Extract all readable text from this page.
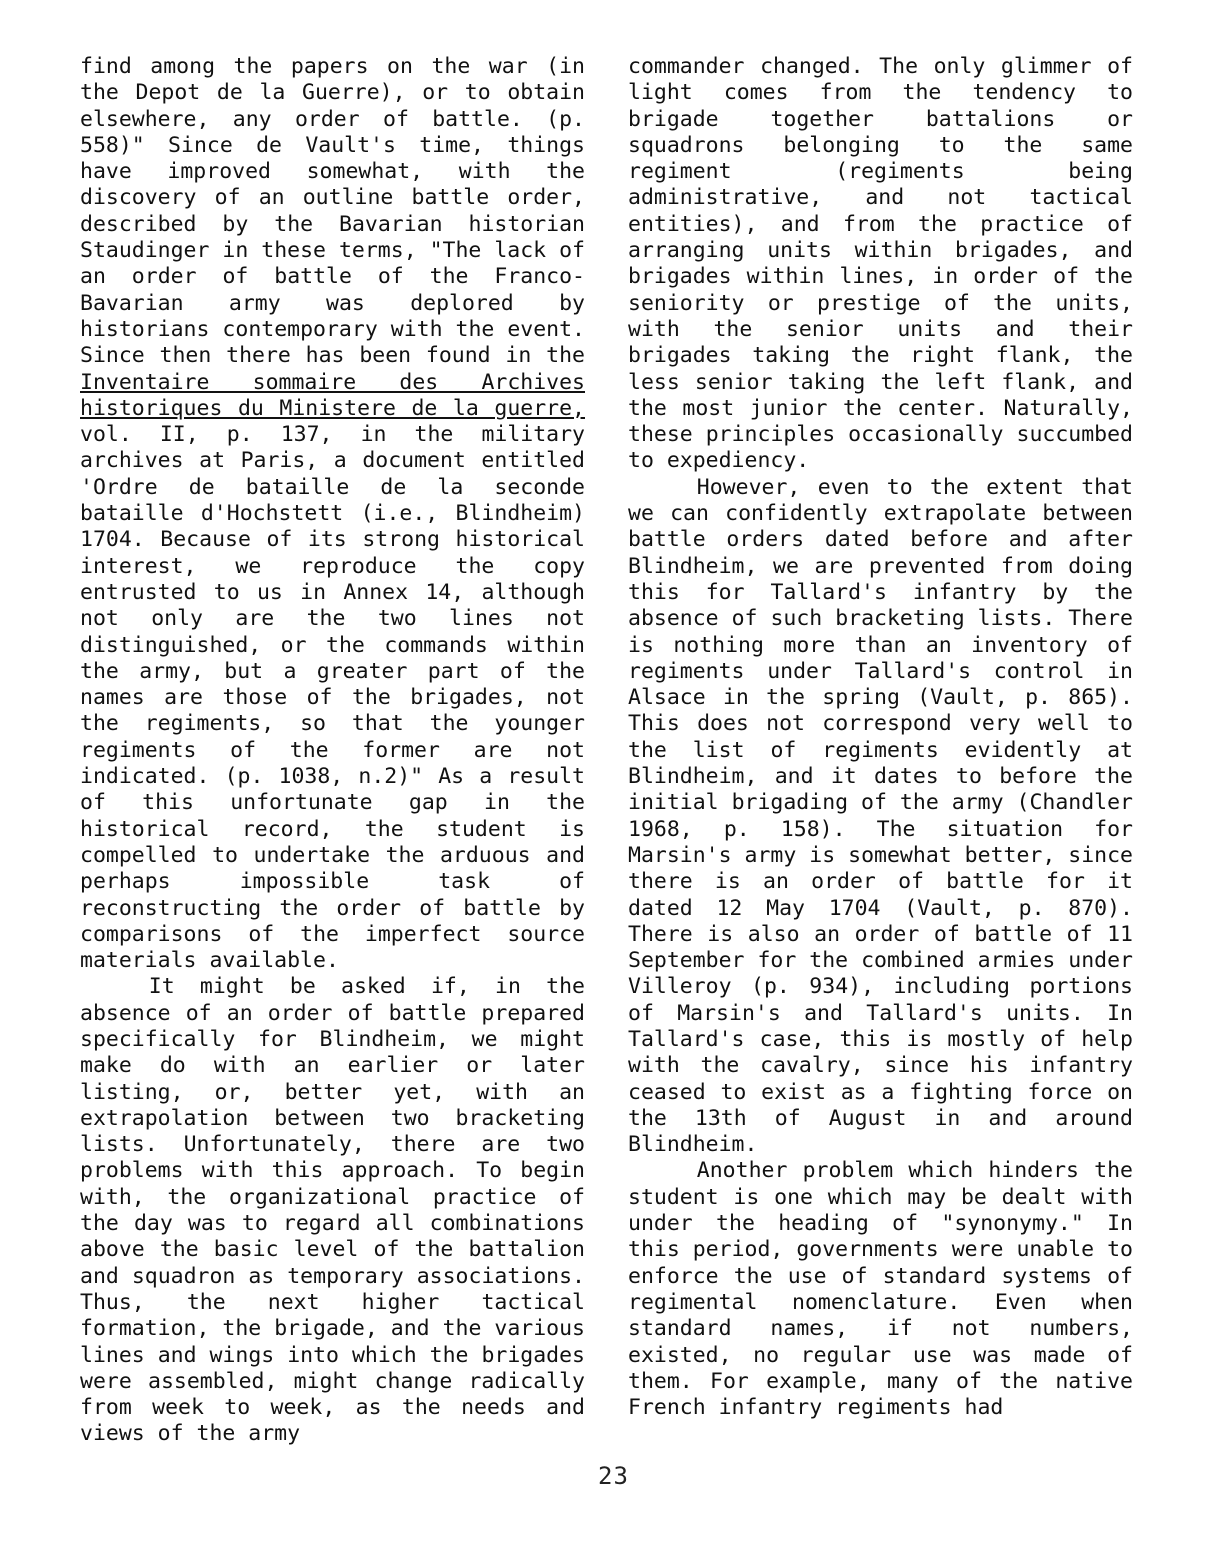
find among the papers on the war (in the Depot de la Guerre), or to obtain elsewhere, any order of battle. (p. 558)" Since de Vault's time, things have improved somewhat, with the discovery of an outline battle order, described by the Bavarian historian Staudinger in these terms, "The lack of an order of battle of the Franco-Bavarian army was deplored by historians contemporary with the event. Since then there has been found in the Inventaire sommaire des Archives historiques du Ministere de la guerre, vol. II, p. 137, in the military archives at Paris, a document entitled 'Ordre de bataille de la seconde bataille d'Hochstett (i.e., Blindheim) 1704. Because of its strong historical interest, we reproduce the copy entrusted to us in Annex 14, although not only are the two lines not distinguished, or the commands within the army, but a greater part of the names are those of the brigades, not the regiments, so that the younger regiments of the former are not indicated. (p. 1038, n.2)" As a result of this unfortunate gap in the historical record, the student is compelled to undertake the arduous and perhaps impossible task of reconstructing the order of battle by comparisons of the imperfect source materials available.

It might be asked if, in the absence of an order of battle prepared specifically for Blindheim, we might make do with an earlier or later listing, or, better yet, with an extrapolation between two bracketing lists. Unfortunately, there are two problems with this approach. To begin with, the organizational practice of the day was to regard all combinations above the basic level of the battalion and squadron as temporary associations. Thus, the next higher tactical formation, the brigade, and the various lines and wings into which the brigades were assembled, might change radically from week to week, as the needs and views of the army

commander changed. The only glimmer of light comes from the tendency to brigade together battalions or squadrons belonging to the same regiment (regiments being administrative, and not tactical entities), and from the practice of arranging units within brigades, and brigades within lines, in order of the seniority or prestige of the units, with the senior units and their brigades taking the right flank, the less senior taking the left flank, and the most junior the center. Naturally, these principles occasionally succumbed to expediency.

However, even to the extent that we can confidently extrapolate between battle orders dated before and after Blindheim, we are prevented from doing this for Tallard's infantry by the absence of such bracketing lists. There is nothing more than an inventory of regiments under Tallard's control in Alsace in the spring (Vault, p. 865). This does not correspond very well to the list of regiments evidently at Blindheim, and it dates to before the initial brigading of the army (Chandler 1968, p. 158). The situation for Marsin's army is somewhat better, since there is an order of battle for it dated 12 May 1704 (Vault, p. 870). There is also an order of battle of 11 September for the combined armies under Villeroy (p. 934), including portions of Marsin's and Tallard's units. In Tallard's case, this is mostly of help with the cavalry, since his infantry ceased to exist as a fighting force on the 13th of August in and around Blindheim.

Another problem which hinders the student is one which may be dealt with under the heading of "synonymy." In this period, governments were unable to enforce the use of standard systems of regimental nomenclature. Even when standard names, if not numbers, existed, no regular use was made of them. For example, many of the native French infantry regiments had

23
